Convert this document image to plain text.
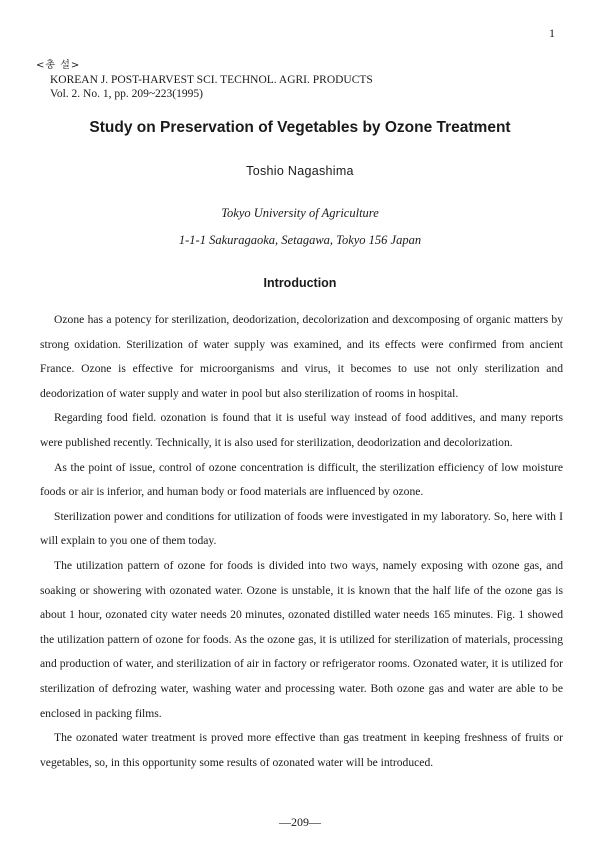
1
<총 설>
KOREAN J. POST-HARVEST SCI. TECHNOL. AGRI. PRODUCTS
Vol. 2. No. 1, pp. 209~223(1995)
Study on Preservation of Vegetables by Ozone Treatment
Toshio Nagashima
Tokyo University of Agriculture
1-1-1 Sakuragaoka, Setagawa, Tokyo 156 Japan
Introduction

Ozone has a potency for sterilization, deodorization, decolorization and dexcomposing of organic matters by strong oxidation. Sterilization of water supply was examined, and its effects were confirmed from ancient France. Ozone is effective for microorganisms and virus, it becomes to use not only sterilization and deodorization of water supply and water in pool but also sterilization of rooms in hospital.

Regarding food field. ozonation is found that it is useful way instead of food additives, and many reports were published recently. Technically, it is also used for sterilization, deodorization and decolorization.

As the point of issue, control of ozone concentration is difficult, the sterilization efficiency of low moisture foods or air is inferior, and human body or food materials are influenced by ozone.

Sterilization power and conditions for utilization of foods were investigated in my laboratory. So, here with I will explain to you one of them today.

The utilization pattern of ozone for foods is divided into two ways, namely exposing with ozone gas, and soaking or showering with ozonated water. Ozone is unstable, it is known that the half life of the ozone gas is about 1 hour, ozonated city water needs 20 minutes, ozonated distilled water needs 165 minutes. Fig. 1 showed the utilization pattern of ozone for foods. As the ozone gas, it is utilized for sterilization of materials, processing and production of water, and sterilization of air in factory or refrigerator rooms. Ozonated water, it is utilized for sterilization of defrozing water, washing water and processing water. Both ozone gas and water are able to be enclosed in packing films.

The ozonated water treatment is proved more effective than gas treatment in keeping freshness of fruits or vegetables, so, in this opportunity some results of ozonated water will be introduced.

—209—
